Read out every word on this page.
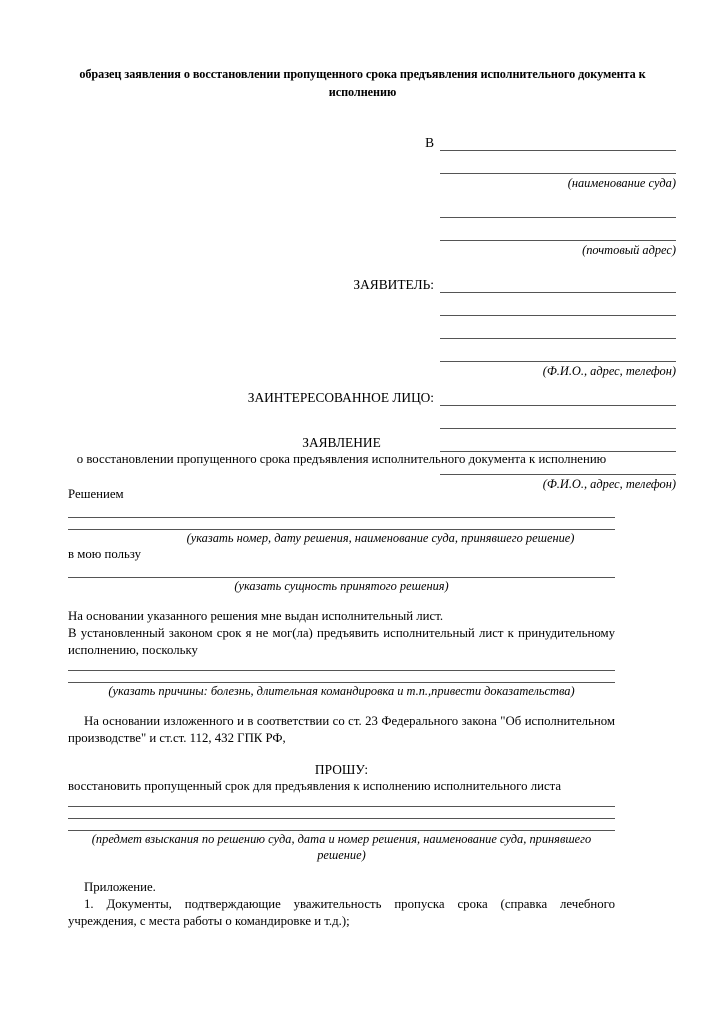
образец заявления о восстановлении пропущенного срока предъявления исполнительного документа к исполнению
В
(наименование суда)
(почтовый адрес)
ЗАЯВИТЕЛЬ:
(Ф.И.О., адрес, телефон)
ЗАИНТЕРЕСОВАННОЕ ЛИЦО:
(Ф.И.О., адрес, телефон)
ЗАЯВЛЕНИЕ
о восстановлении пропущенного срока предъявления исполнительного документа к исполнению
Решением
(указать номер, дату решения, наименование суда, принявшего решение)
в мою пользу
(указать сущность принятого решения)
На основании указанного решения мне выдан исполнительный лист.
В установленный законом срок я не мог(ла) предъявить исполнительный лист к принудительному исполнению, поскольку
(указать причины: болезнь, длительная командировка и т.п.,привести доказательства)
На основании изложенного и в соответствии со ст. 23 Федерального закона "Об исполнительном производстве" и ст.ст. 112, 432 ГПК РФ,
ПРОШУ:
восстановить пропущенный срок для предъявления к исполнению исполнительного листа
(предмет взыскания по решению суда, дата и номер решения, наименование суда, принявшего решение)
Приложение.
1. Документы, подтверждающие уважительность пропуска срока (справка лечебного учреждения, с места работы о командировке и т.д.);
